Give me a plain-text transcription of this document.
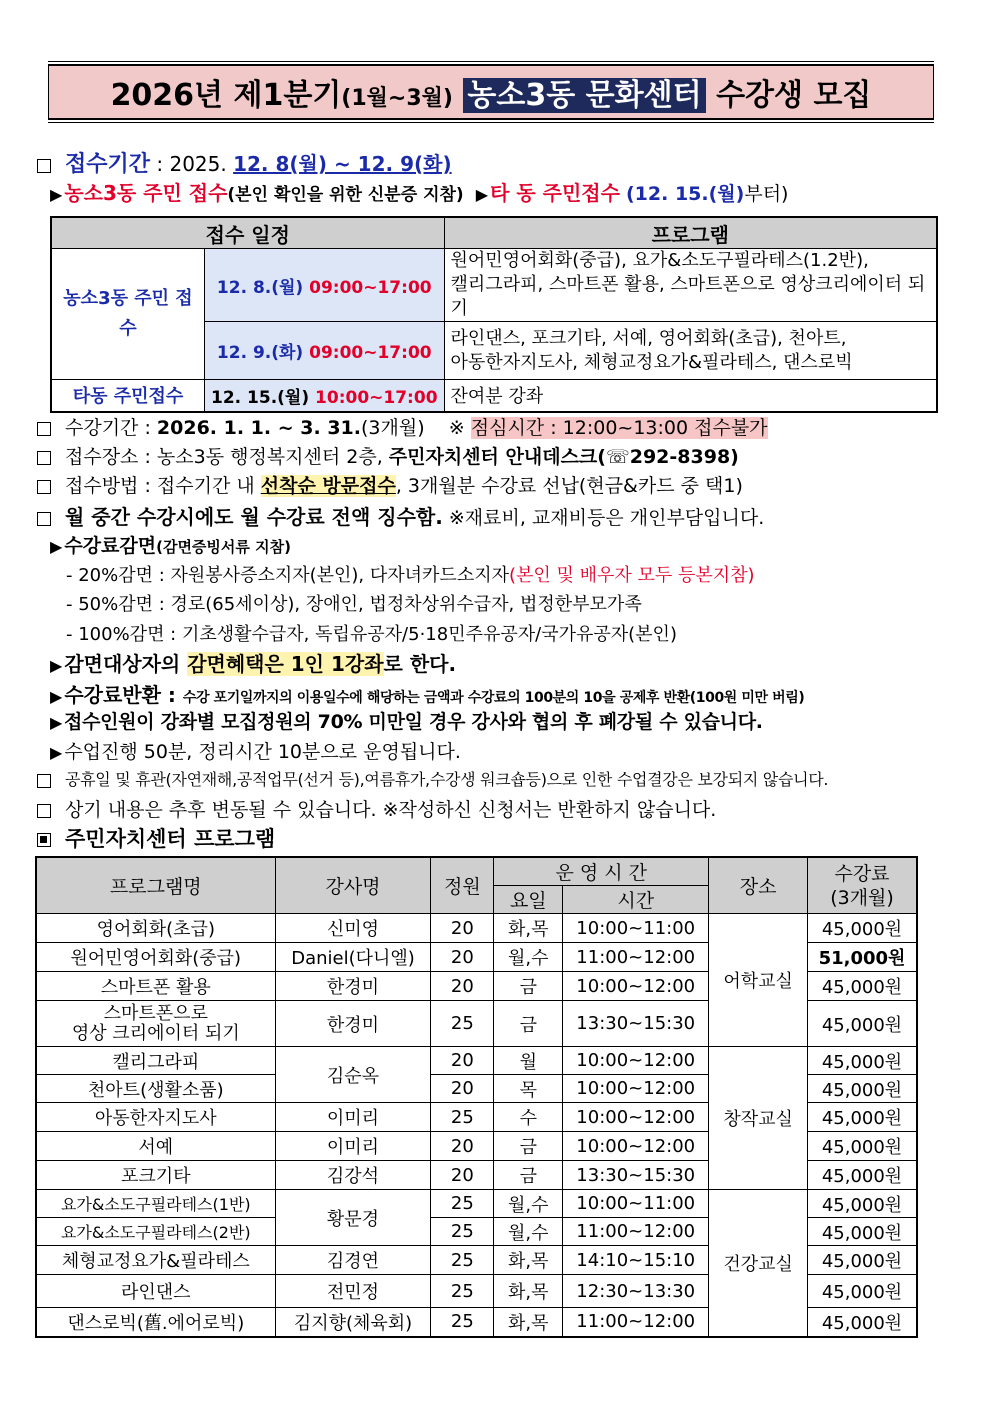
2026년 제1분기(1월~3월) 농소3동 문화센터 수강생 모집
접수기간 : 2025. 12. 8(월) ~ 12. 9(화)
▶ 농소3동 주민 접수(본인 확인을 위한 신분증 지참) ▶ 타 동 주민접수 (12. 15.(월)부터)
접수 일정		프로그램
농소3동 주민 접수	12. 8.(월) 09:00~17:00	원어민영어회화(중급), 요가&소도구필라테스(1.2반),
캘리그라피, 스마트폰 활용, 스마트폰으로 영상크리에이터 되기
	12. 9.(화) 09:00~17:00	라인댄스, 포크기타, 서예, 영어회화(초급), 천아트,
아동한자지도사, 체형교정요가&필라테스, 댄스로빅
타동 주민접수	12. 15.(월) 10:00~17:00	잔여분 강좌
수강기간 : 2026. 1. 1. ~ 3. 31.(3개월) ※ 점심시간 : 12:00~13:00 접수불가
접수장소 : 농소3동 행정복지센터 2층, 주민자치센터 안내데스크(☏292-8398)
접수방법 : 접수기간 내 선착순 방문접수, 3개월분 수강료 선납(현금&카드 중 택1)
월 중간 수강시에도 월 수강료 전액 징수함. ※재료비, 교재비등은 개인부담입니다.
▶ 수강료감면(감면증빙서류 지참)
- 20%감면 : 자원봉사증소지자(본인), 다자녀카드소지자(본인 및 배우자 모두 등본지참)
- 50%감면 : 경로(65세이상), 장애인, 법정차상위수급자, 법정한부모가족
- 100%감면 : 기초생활수급자, 독립유공자/5·18민주유공자/국가유공자(본인)
▶ 감면대상자의 감면혜택은 1인 1강좌로 한다.
▶ 수강료반환 : 수강 포기일까지의 이용일수에 해당하는 금액과 수강료의 100분의 10을 공제후 반환(100원 미만 버림)
▶ 접수인원이 강좌별 모집정원의 70% 미만일 경우 강사와 협의 후 폐강될 수 있습니다.
▶ 수업진행 50분, 정리시간 10분으로 운영됩니다.
공휴일 및 휴관(자연재해,공적업무(선거 등),여름휴가,수강생 워크숍등)으로 인한 수업결강은 보강되지 않습니다.
상기 내용은 추후 변동될 수 있습니다. ※작성하신 신청서는 반환하지 않습니다.
주민자치센터 프로그램
프로그램명	강사명	정원	운 영 시 간		장소	수강료
(3개월)
			요일	시간		
영어회화(초급)	신미영	20	화,목	10:00~11:00	어학교실	45,000원
원어민영어회화(중급)	Daniel(다니엘)	20	월,수	11:00~12:00		51,000원
스마트폰 활용	한경미	20	금	10:00~12:00		45,000원
스마트폰으로
영상 크리에이터 되기	한경미	25	금	13:30~15:30		45,000원
캘리그라피	김순옥	20	월	10:00~12:00	창작교실	45,000원
천아트(생활소품)		20	목	10:00~12:00		45,000원
아동한자지도사	이미리	25	수	10:00~12:00		45,000원
서예	이미리	20	금	10:00~12:00		45,000원
포크기타	김강석	20	금	13:30~15:30		45,000원
요가&소도구필라테스(1반)	황문경	25	월,수	10:00~11:00	건강교실	45,000원
요가&소도구필라테스(2반)		25	월,수	11:00~12:00		45,000원
체형교정요가&필라테스	김경연	25	화,목	14:10~15:10		45,000원
라인댄스	전민정	25	화,목	12:30~13:30		45,000원
댄스로빅(舊.에어로빅)	김지향(체육회)	25	화,목	11:00~12:00		45,000원
